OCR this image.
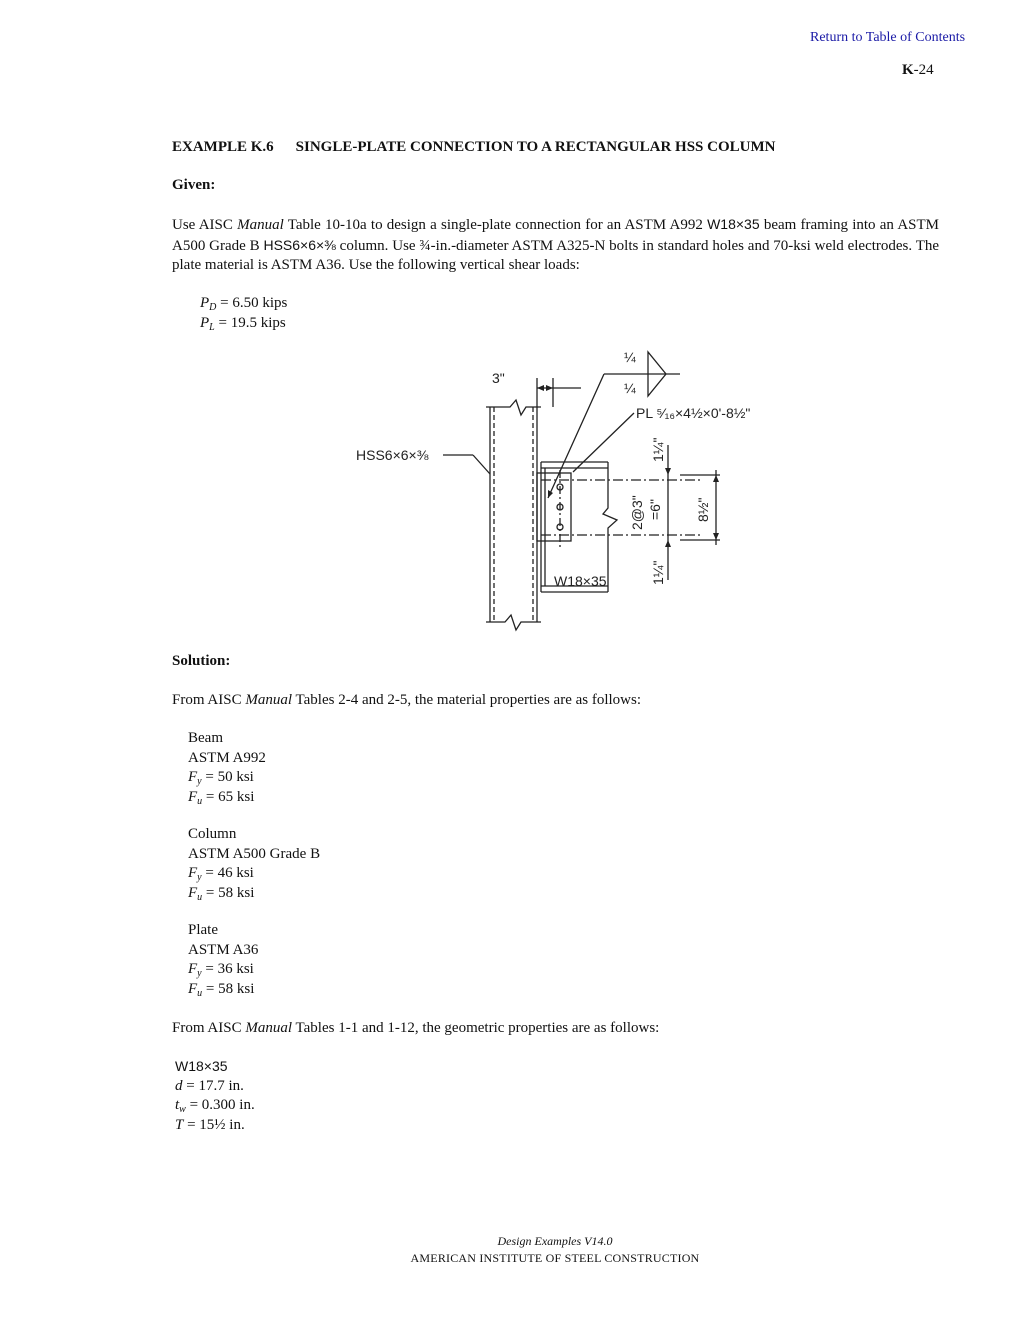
Return to Table of Contents
K-24
EXAMPLE K.6 SINGLE-PLATE CONNECTION TO A RECTANGULAR HSS COLUMN
Given:
Use AISC Manual Table 10-10a to design a single-plate connection for an ASTM A992 W18×35 beam framing into an ASTM A500 Grade B HSS6×6×⅜ column. Use ¾-in.-diameter ASTM A325-N bolts in standard holes and 70-ksi weld electrodes. The plate material is ASTM A36. Use the following vertical shear loads:
$P_D = 6.50$ kips
$P_L = 19.5$ kips
¼
¼
3"
PL ⁵⁄₁₆×4½×0'-8½"
HSS6×6×⅜	1¼"
2@3" =6" 8½"
1¼"
W18×35
Solution:
From AISC Manual Tables 2-4 and 2-5, the material properties are as follows:
Beam
ASTM A992
$F_y = 50$ ksi
$F_u = 65$ ksi
Column
ASTM A500 Grade B
$F_y = 46$ ksi
$F_u = 58$ ksi
Plate
ASTM A36
$F_y = 36$ ksi
$F_u = 58$ ksi
From AISC Manual Tables 1-1 and 1-12, the geometric properties are as follows:
W18×35
d = 17.7 in.
$t_w = 0.300$ in.
T = 15½ in.
Design Examples V14.0
AMERICAN INSTITUTE OF STEEL CONSTRUCTION
